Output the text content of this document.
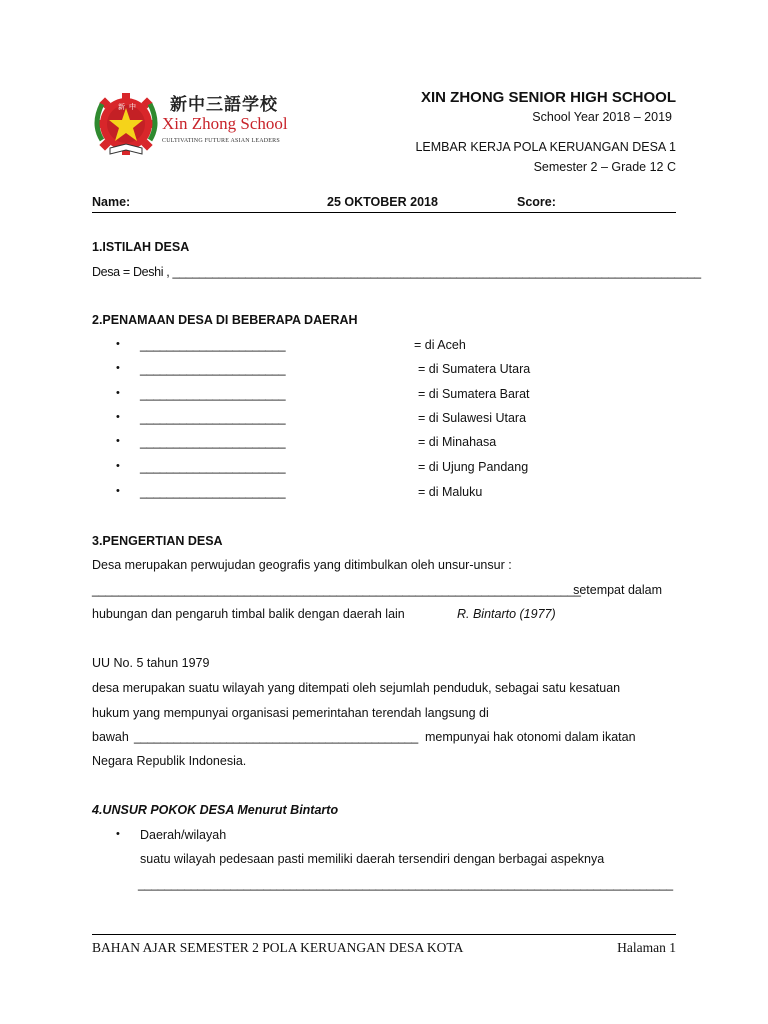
新 中 新中三語学校
Xin Zhong School
CULTIVATING FUTURE ASIAN LEADERS
XIN ZHONG SENIOR HIGH SCHOOL
School Year 2018 – 2019
LEMBAR KERJA POLA KERUANGAN DESA 1
Semester 2 – Grade 12 C
Name:	25 OKTOBER 2018	Score:
1.ISTILAH DESA
Desa = Deshi , ________________________________________________________________________________
2.PENAMAAN DESA DI BEBERAPA DAERAH
• ______________________	= di Aceh
• ______________________	= di Sumatera Utara
• ______________________	= di Sumatera Barat
• ______________________	= di Sulawesi Utara
• ______________________	= di Minahasa
• ______________________	= di Ujung Pandang
• ______________________	= di Maluku
3.PENGERTIAN DESA
Desa merupakan perwujudan geografis yang ditimbulkan oleh unsur-unsur :
__________________________________________________________________________
setempat dalam
hubungan dan pengaruh timbal balik dengan daerah lain	R. Bintarto (1977)
UU No. 5 tahun 1979
desa merupakan suatu wilayah yang ditempati oleh sejumlah penduduk, sebagai satu kesatuan
hukum yang mempunyai organisasi pemerintahan terendah langsung di
bawah ___________________________________________ mempunyai hak otonomi dalam ikatan
Negara Republik Indonesia.
4.UNSUR POKOK DESA Menurut Bintarto
• Daerah/wilayah
suatu wilayah pedesaan pasti memiliki daerah tersendiri dengan berbagai aspeknya
_________________________________________________________________________________
BAHAN AJAR SEMESTER 2 POLA KERUANGAN DESA KOTA	Halaman 1
